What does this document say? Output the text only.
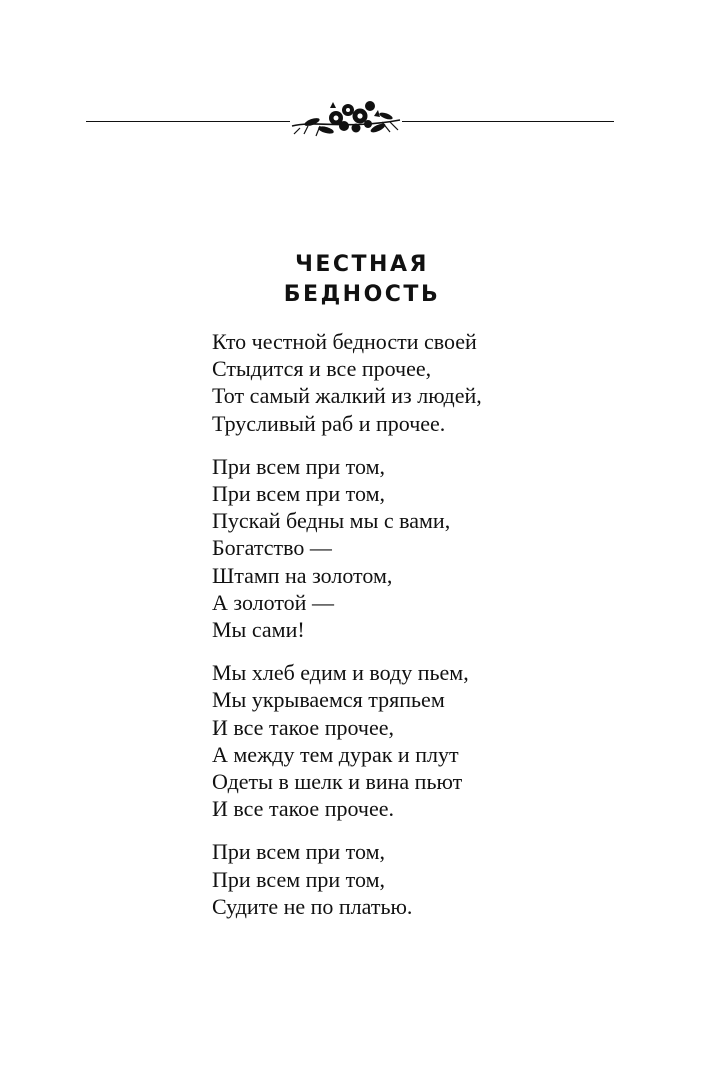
ЧЕСТНАЯ
БЕДНОСТЬ
Кто честной бедности своей
Стыдится и все прочее,
Тот самый жалкий из людей,
Трусливый раб и прочее.
При всем при том,
При всем при том,
Пускай бедны мы с вами,
Богатство —
Штамп на золотом,
А золотой —
Мы сами!
Мы хлеб едим и воду пьем,
Мы укрываемся тряпьем
И все такое прочее,
А между тем дурак и плут
Одеты в шелк и вина пьют
И все такое прочее.
При всем при том,
При всем при том,
Судите не по платью.
